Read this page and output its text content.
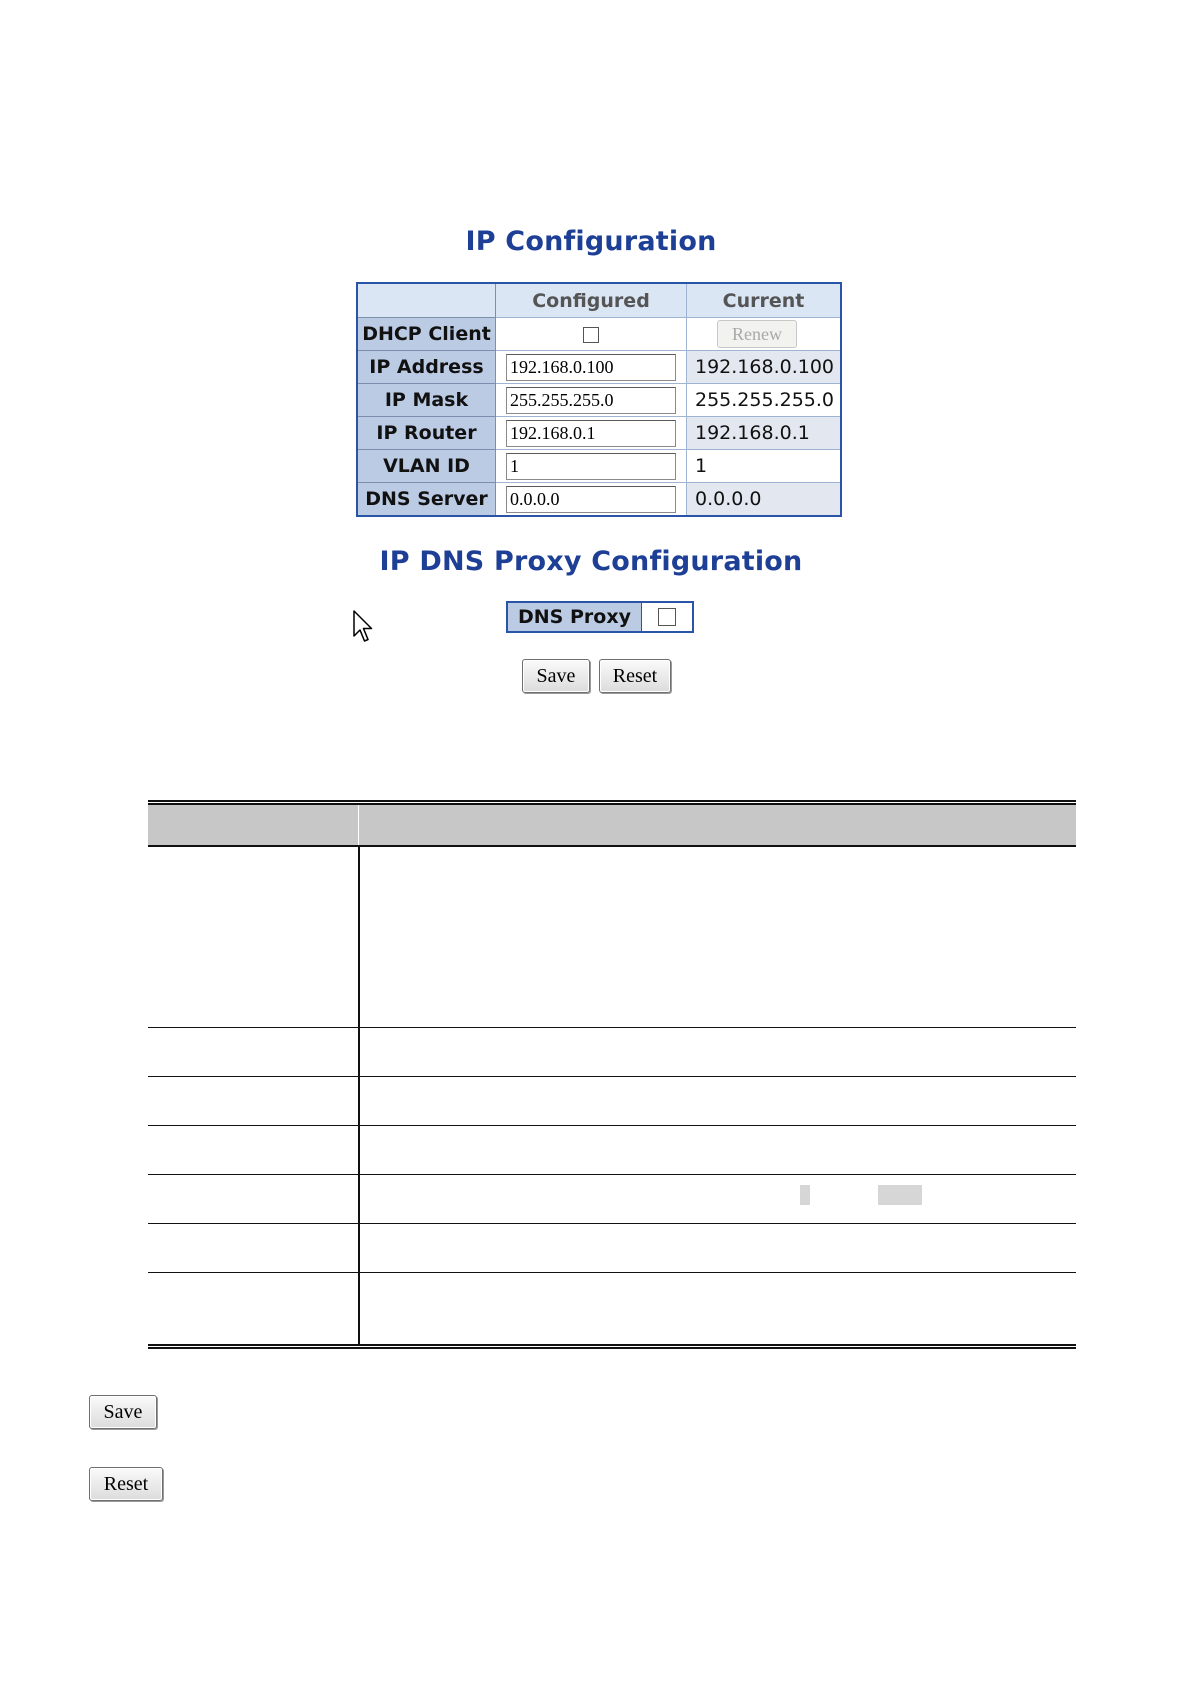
IP Configuration
	Configured	Current
DHCP Client		Renew
IP Address	192.168.0.100	192.168.0.100
IP Mask	255.255.255.0	255.255.255.0
IP Router	192.168.0.1	192.168.0.1
VLAN ID	1	1
DNS Server	0.0.0.0	0.0.0.0
IP DNS Proxy Configuration
DNS Proxy
Save	Reset
Save
Reset
